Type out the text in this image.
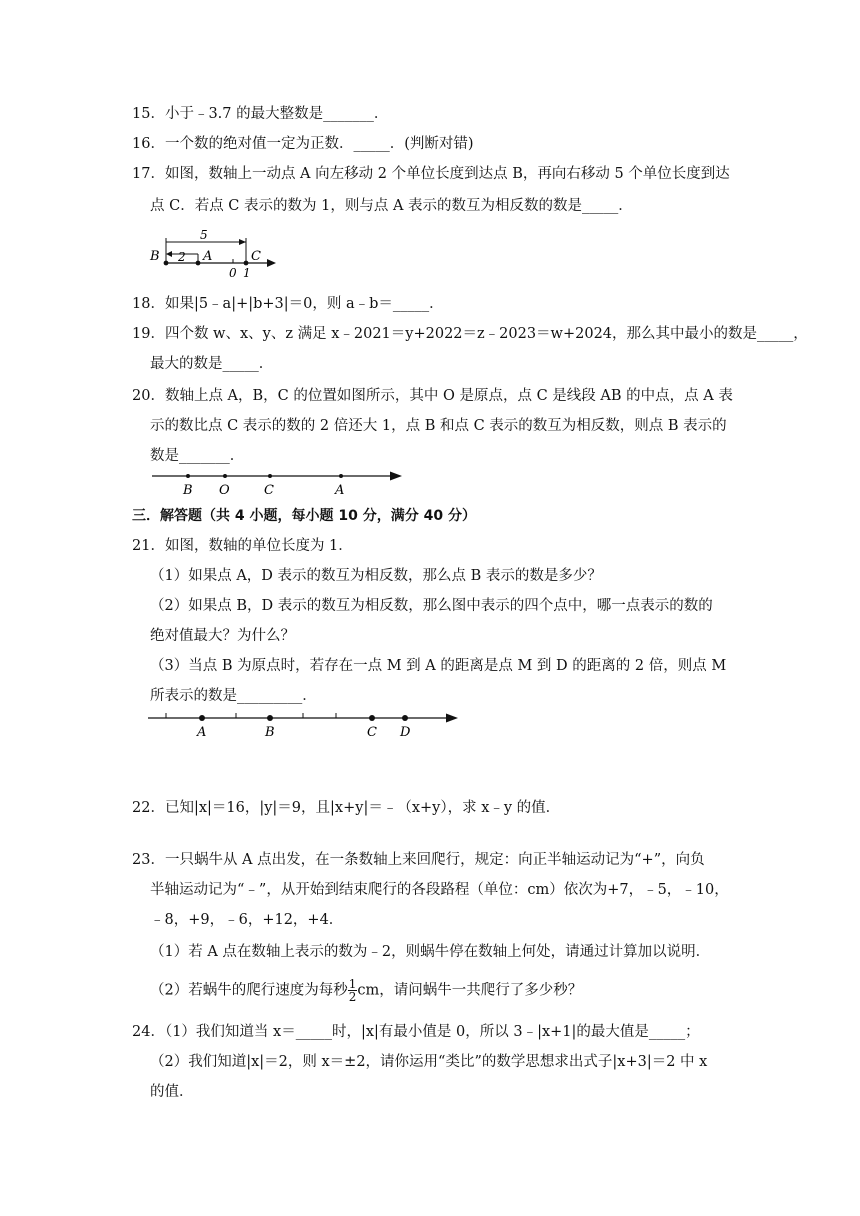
15．小于﹣3.7 的最大整数是_______．
16．一个数的绝对值一定为正数．_____．(判断对错)
17．如图，数轴上一动点 A 向左移动 2 个单位长度到达点 B，再向右移动 5 个单位长度到达
点 C．若点 C 表示的数为 1，则与点 A 表示的数互为相反数的数是_____．
5
2
B	A
0 1
C
18．如果|5﹣a|+|b+3|＝0，则 a﹣b＝_____．
19．四个数 w、x、y、z 满足 x﹣2021＝y+2022＝z﹣2023＝w+2024，那么其中最小的数是_____，
最大的数是_____．
20．数轴上点 A，B，C 的位置如图所示，其中 O 是原点，点 C 是线段 AB 的中点，点 A 表
示的数比点 C 表示的数的 2 倍还大 1，点 B 和点 C 表示的数互为相反数，则点 B 表示的
数是_______．
B O	C	A
三．解答题（共 4 小题，每小题 10 分，满分 40 分）
21．如图，数轴的单位长度为 1．
（1）如果点 A，D 表示的数互为相反数，那么点 B 表示的数是多少？
（2）如果点 B，D 表示的数互为相反数，那么图中表示的四个点中，哪一点表示的数的
绝对值最大？为什么？
（3）当点 B 为原点时，若存在一点 M 到 A 的距离是点 M 到 D 的距离的 2 倍，则点 M
所表示的数是_________．
A	B	C D
22．已知|x|＝16，|y|＝9，且|x+y|＝﹣（x+y），求 x﹣y 的值．
23．一只蜗牛从 A 点出发，在一条数轴上来回爬行，规定：向正半轴运动记为“+”，向负
半轴运动记为“﹣”，从开始到结束爬行的各段路程（单位：cm）依次为+7，﹣5，﹣10，
﹣8，+9，﹣6，+12，+4．
（1）若 A 点在数轴上表示的数为﹣2，则蜗牛停在数轴上何处，请通过计算加以说明．
（2）若蜗牛的爬行速度为每秒 $\frac{1}{2}$ cm，请问蜗牛一共爬行了多少秒？
24．（1）我们知道当 x＝_____时，|x|有最小值是 0，所以 3﹣|x+1|的最大值是_____；
（2）我们知道|x|＝2，则 x＝±2，请你运用“类比”的数学思想求出式子|x+3|＝2 中 x
的值．
